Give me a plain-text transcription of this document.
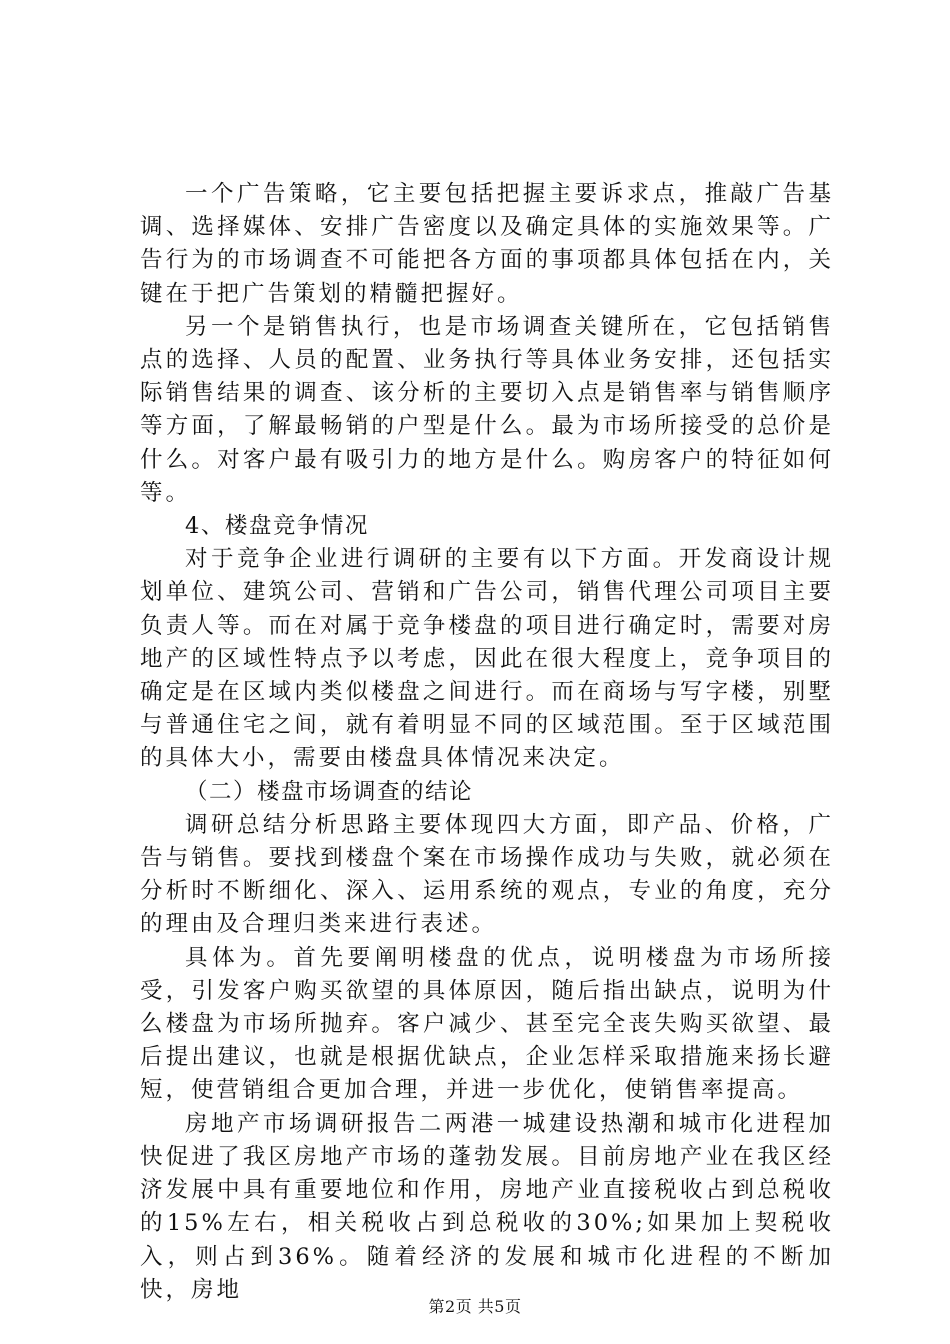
一个广告策略，它主要包括把握主要诉求点，推敲广告基调、选择媒体、安排广告密度以及确定具体的实施效果等。广告行为的市场调查不可能把各方面的事项都具体包括在内，关键在于把广告策划的精髓把握好。

另一个是销售执行，也是市场调查关键所在，它包括销售点的选择、人员的配置、业务执行等具体业务安排，还包括实际销售结果的调查、该分析的主要切入点是销售率与销售顺序等方面，了解最畅销的户型是什么。最为市场所接受的总价是什么。对客户最有吸引力的地方是什么。购房客户的特征如何等。

4、楼盘竞争情况

对于竞争企业进行调研的主要有以下方面。开发商设计规划单位、建筑公司、营销和广告公司，销售代理公司项目主要负责人等。而在对属于竞争楼盘的项目进行确定时，需要对房地产的区域性特点予以考虑，因此在很大程度上，竞争项目的确定是在区域内类似楼盘之间进行。而在商场与写字楼，别墅与普通住宅之间，就有着明显不同的区域范围。至于区域范围的具体大小，需要由楼盘具体情况来决定。

（二）楼盘市场调查的结论

调研总结分析思路主要体现四大方面，即产品、价格，广告与销售。要找到楼盘个案在市场操作成功与失败，就必须在分析时不断细化、深入、运用系统的观点，专业的角度，充分的理由及合理归类来进行表述。

具体为。首先要阐明楼盘的优点，说明楼盘为市场所接受，引发客户购买欲望的具体原因，随后指出缺点，说明为什么楼盘为市场所抛弃。客户减少、甚至完全丧失购买欲望、最后提出建议，也就是根据优缺点，企业怎样采取措施来扬长避短，使营销组合更加合理，并进一步优化，使销售率提高。

房地产市场调研报告二两港一城建设热潮和城市化进程加快促进了我区房地产市场的蓬勃发展。目前房地产业在我区经济发展中具有重要地位和作用，房地产业直接税收占到总税收的15%左右，相关税收占到总税收的30%;如果加上契税收入，则占到36%。随着经济的发展和城市化进程的不断加快，房地

第2页 共5页
